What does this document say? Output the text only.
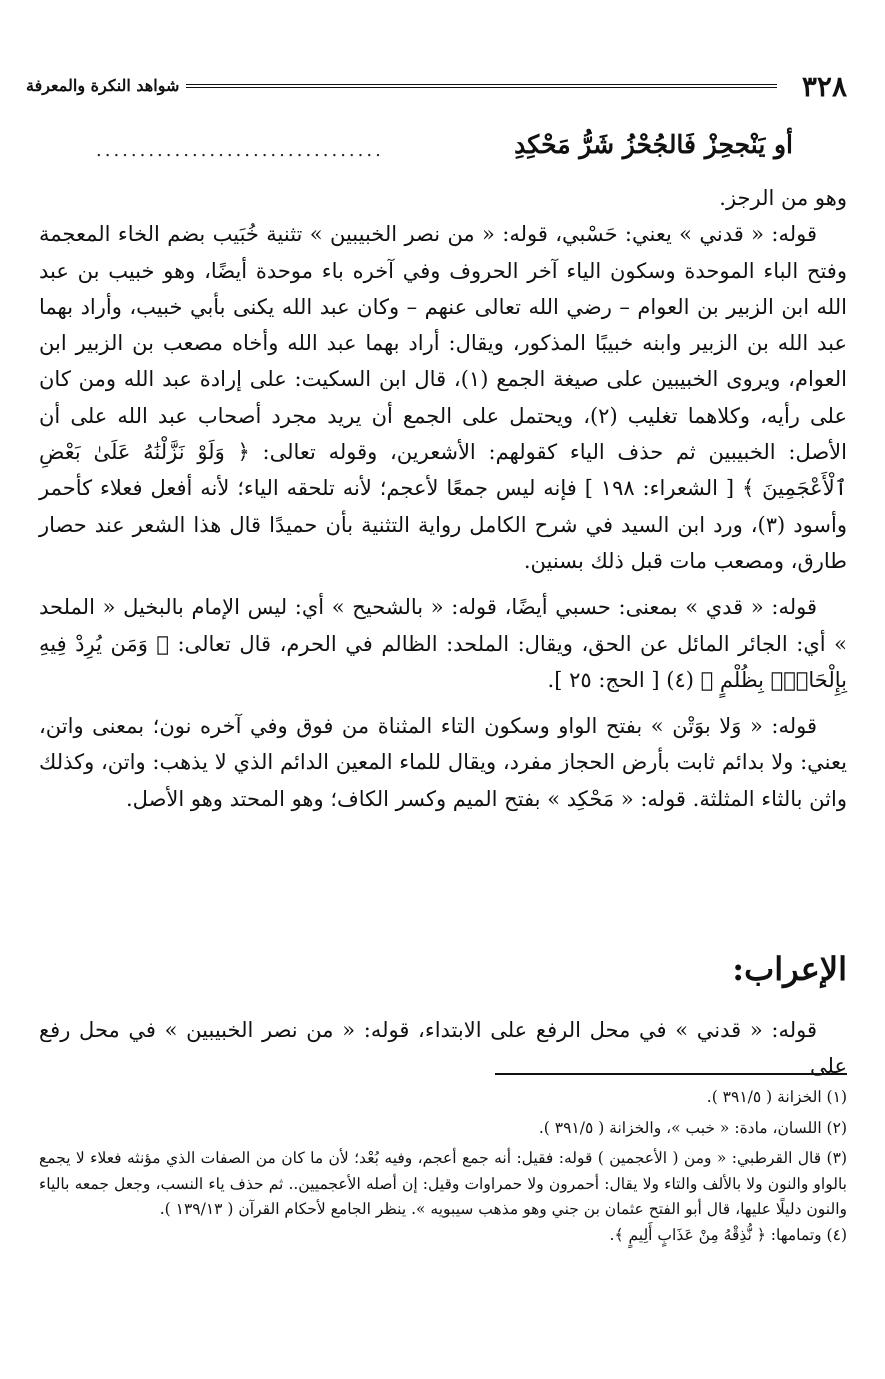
٣٢٨
شواهد النكرة والمعرفة
أو يَنْجحِزْ فَالجُحْزُ شَرُّ مَحْكِدِ
.................................

وهو من الرجز.

قوله: « قدني » يعني: حَسْبي، قوله: « من نصر الخبيبين » تثنية خُبَيب بضم الخاء المعجمة وفتح الباء الموحدة وسكون الياء آخر الحروف وفي آخره باء موحدة أيضًا، وهو خبيب بن عبد الله ابن الزبير بن العوام – رضي الله تعالى عنهم – وكان عبد الله يكنى بأبي خبيب، وأراد بهما عبد الله بن الزبير وابنه خبيبًا المذكور، ويقال: أراد بهما عبد الله وأخاه مصعب بن الزبير ابن العوام، ويروى الخبيبين على صيغة الجمع (١)، قال ابن السكيت: على إرادة عبد الله ومن كان على رأيه، وكلاهما تغليب (٢)، ويحتمل على الجمع أن يريد مجرد أصحاب عبد الله على أن الأصل: الخبيبين ثم حذف الياء كقولهم: الأشعرين، وقوله تعالى: ﴿ وَلَوْ نَزَّلْنَٰهُ عَلَىٰ بَعْضِ ٱلْأَعْجَمِينَ ﴾ [ الشعراء: ١٩٨ ] فإنه ليس جمعًا لأعجم؛ لأنه تلحقه الياء؛ لأنه أفعل فعلاء كأحمر وأسود (٣)، ورد ابن السيد في شرح الكامل رواية التثنية بأن حميدًا قال هذا الشعر عند حصار طارق، ومصعب مات قبل ذلك بسنين.

قوله: « قدي » بمعنى: حسبي أيضًا، قوله: « بالشحيح » أي: ليس الإمام بالبخيل « الملحد » أي: الجائر المائل عن الحق، ويقال: الملحد: الظالم في الحرم، قال تعالى: ﴿ وَمَن يُرِدْ فِيهِ بِإِلْحَادٍۭ بِظُلْمٍ ﴾ (٤) [ الحج: ٢٥ ].

قوله: « وَلا بوَتْن » بفتح الواو وسكون التاء المثناة من فوق وفي آخره نون؛ بمعنى واتن، يعني: ولا بدائم ثابت بأرض الحجاز مفرد، ويقال للماء المعين الدائم الذي لا يذهب: واتن، وكذلك واثن بالثاء المثلثة. قوله: « مَحْكِد » بفتح الميم وكسر الكاف؛ وهو المحتد وهو الأصل.

الإعراب:
قوله: « قدني » في محل الرفع على الابتداء، قوله: « من نصر الخبيبين » في محل رفع على

(١) الخزانة ( ٣٩١/٥ ).

(٢) اللسان، مادة: « خبب »، والخزانة ( ٣٩١/٥ ).

(٣) قال القرطبي: « ومن ( الأعجمين ) قوله: فقيل: أنه جمع أعجم، وفيه بُعْد؛ لأن ما كان من الصفات الذي مؤنثه فعلاء لا يجمع بالواو والنون ولا بالألف والتاء ولا يقال: أحمرون ولا حمراوات وقيل: إن أصله الأعجميين.. ثم حذف ياء النسب، وجعل جمعه بالياء والنون دليلًا عليها، قال أبو الفتح عثمان بن جني وهو مذهب سيبويه ». ينظر الجامع لأحكام القرآن ( ١٣٩/١٣ ).

(٤) وتمامها: ﴿ نُّذِقْهُ مِنْ عَذَابٍ أَلِيمٍ ﴾.
